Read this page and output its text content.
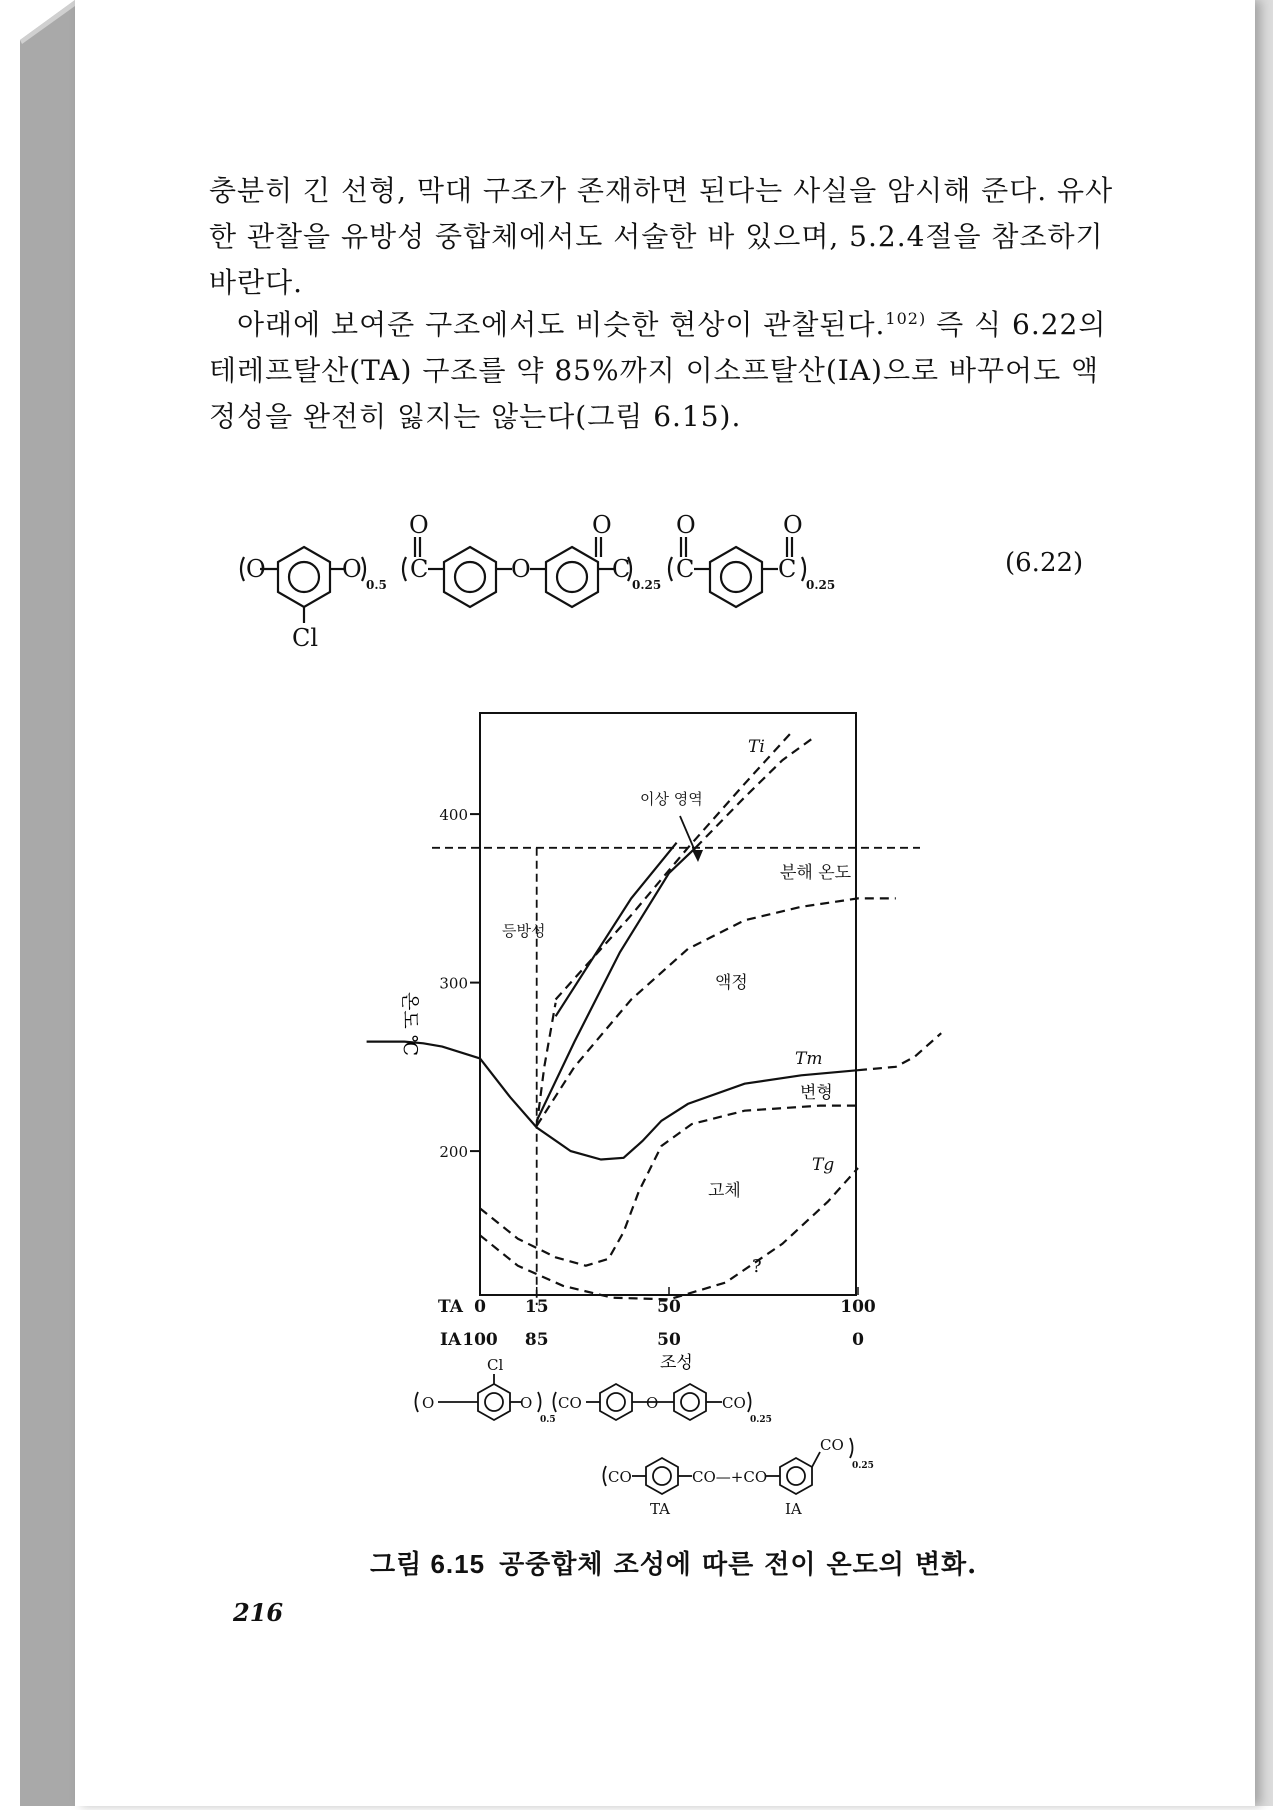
충분히 긴 선형, 막대 구조가 존재하면 된다는 사실을 암시해 준다. 유사한 관찰을 유방성 중합체에서도 서술한 바 있으며, 5.2.4절을 참조하기 바란다.

아래에 보여준 구조에서도 비슷한 현상이 관찰된다.$^{102)}$ 즉 식 6.22의 테레프탈산(TA) 구조를 약 85%까지 이소프탈산(IA)으로 바꾸어도 액정성을 완전히 잃지는 않는다(그림 6.15).

O	O
O
C	O
O
C
O
C
O
C
Cl
0.5	0.25	0.25
(6.22)
200
300
400
Ti
이상 영역
분해 온도
등방성
액정
Tm
변형
고체
Tg
?
TA
IA
0
100
15
85
50
50
100
0
온도 ℃
조성
Cl
O	O CO	O	CO
CO	CO—+CO
CO
TA	IA
0.5	0.25
0.25
그림 6.15 공중합체 조성에 따른 전이 온도의 변화.
216
